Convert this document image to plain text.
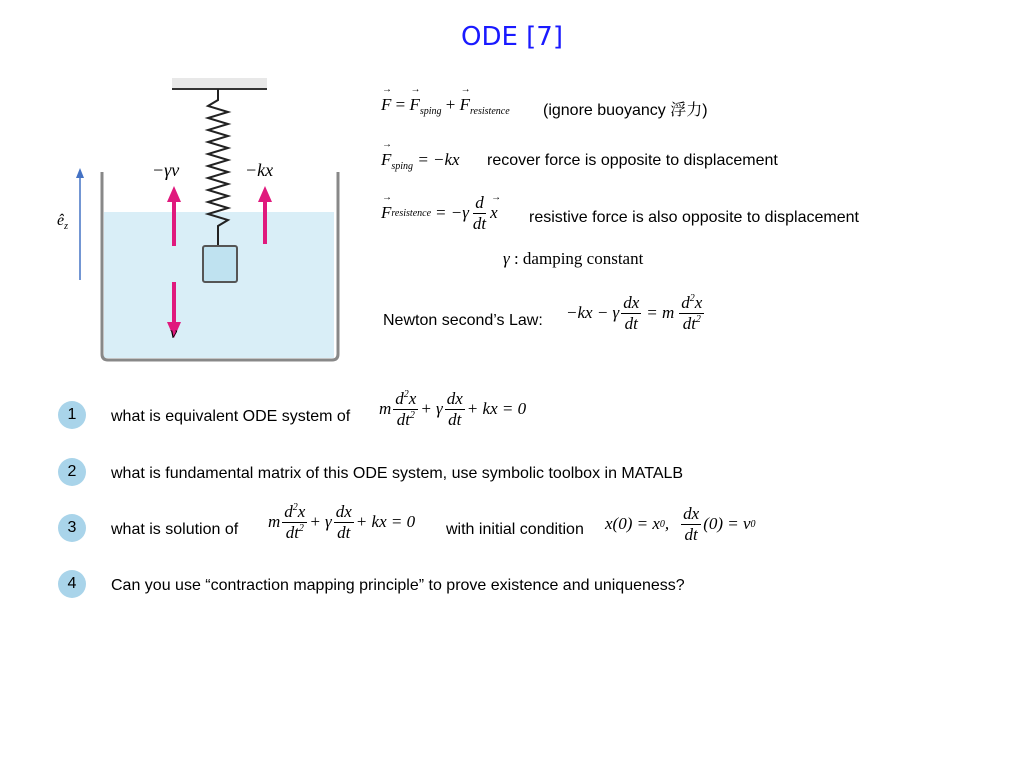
ODE [7]
−γv	−kx
v
$ê_z$
→ F = → $F_{sping}$ + → $F_{resistence}$ (ignore buoyancy 浮力)
→ $F_{sping} = -kx$ recover force is opposite to displacement
→ F resistence = $-\gamma \frac{d}{dt}$
→ x resistive force is also opposite to displacement
γ : damping constant
Newton second’s Law: −kx − γ $\frac{dx}{dt} = m \frac{d^2x}{dt^2}$
1	what is equivalent ODE system of m $\frac{d^2x}{dt^2} + \gamma \frac{dx}{dt}$ + kx = 0
2	what is fundamental matrix of this ODE system, use symbolic toolbox in MATALB
3	what is solution of m $\frac{d^2x}{dt^2} + \gamma \frac{dx}{dt}$ + kx = 0 with initial condition x(0) = x 0 , $\frac{dx}{dt} (0) = v$ 0
4	Can you use “contraction mapping principle” to prove existence and uniqueness?
